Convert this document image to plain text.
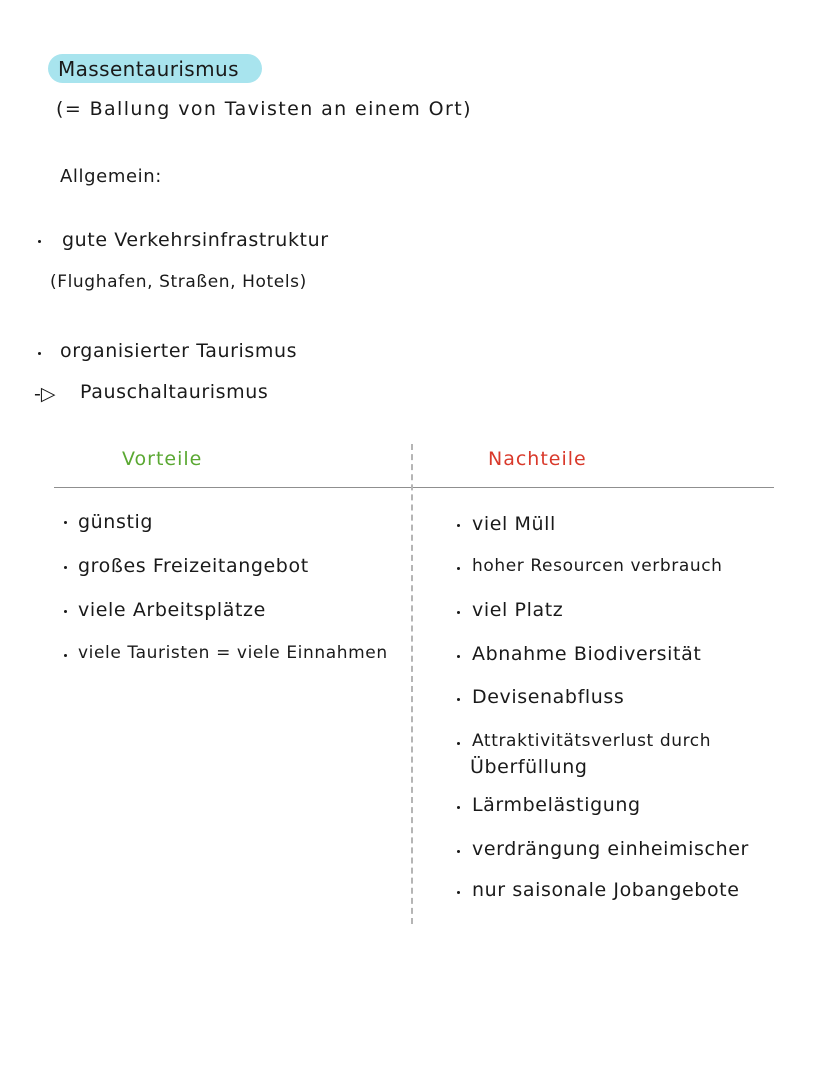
Massentaurismus
(= Ballung von Tavisten an einem Ort)
Allgemein:
gute Verkehrsinfrastruktur
(Flughafen, Straßen, Hotels)
organisierter Taurismus
-▷ Pauschaltaurismus
Vorteile	Nachteile
günstig
großes Freizeitangebot
viele Arbeitsplätze
viele Tauristen = viele Einnahmen
viel Müll
hoher Resourcen verbrauch
viel Platz
Abnahme Biodiversität
Devisenabfluss
Attraktivitätsverlust durch
Überfüllung
Lärmbelästigung
verdrängung einheimischer
nur saisonale Jobangebote
